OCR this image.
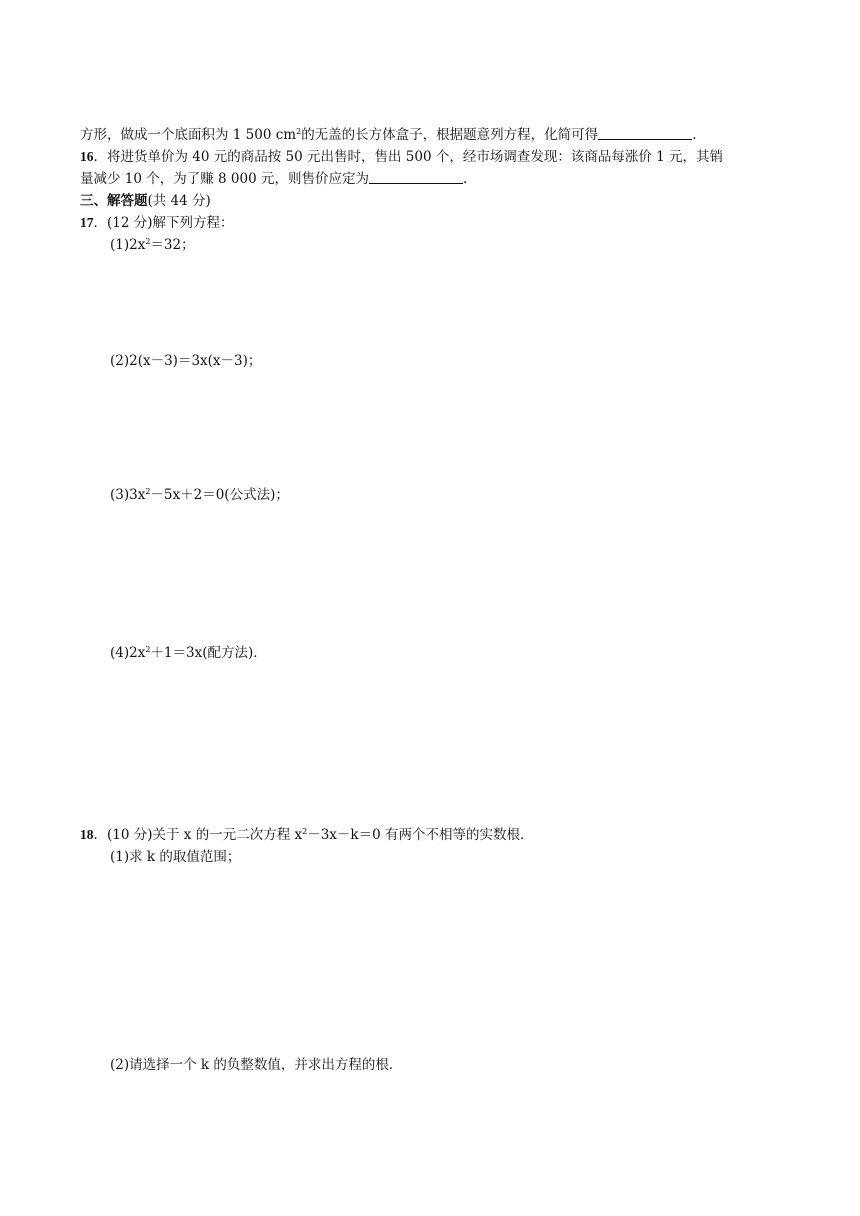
方形，做成一个底面积为 1 500 $cm^2$的无盖的长方体盒子，根据题意列方程，化简可得	.
16．将进货单价为 40 元的商品按 50 元出售时，售出 500 个，经市场调查发现：该商品每涨价 1 元，其销
量减少 10 个，为了赚 8 000 元，则售价应定为	.
三、解答题(共 44 分)
17．(12 分)解下列方程：
$(1)2x^2=32$；
(2)2(x－3)＝3x(x－3)；
$(3)3x^2-5x+2=0$(公式法)；
$(4)2x^2+1=3x$(配方法)．
18．(10 分)关于 x 的一元二次方程 $x^2-3x-k=0$ 有两个不相等的实数根．
(1)求 k 的取值范围；
(2)请选择一个 k 的负整数值，并求出方程的根．
